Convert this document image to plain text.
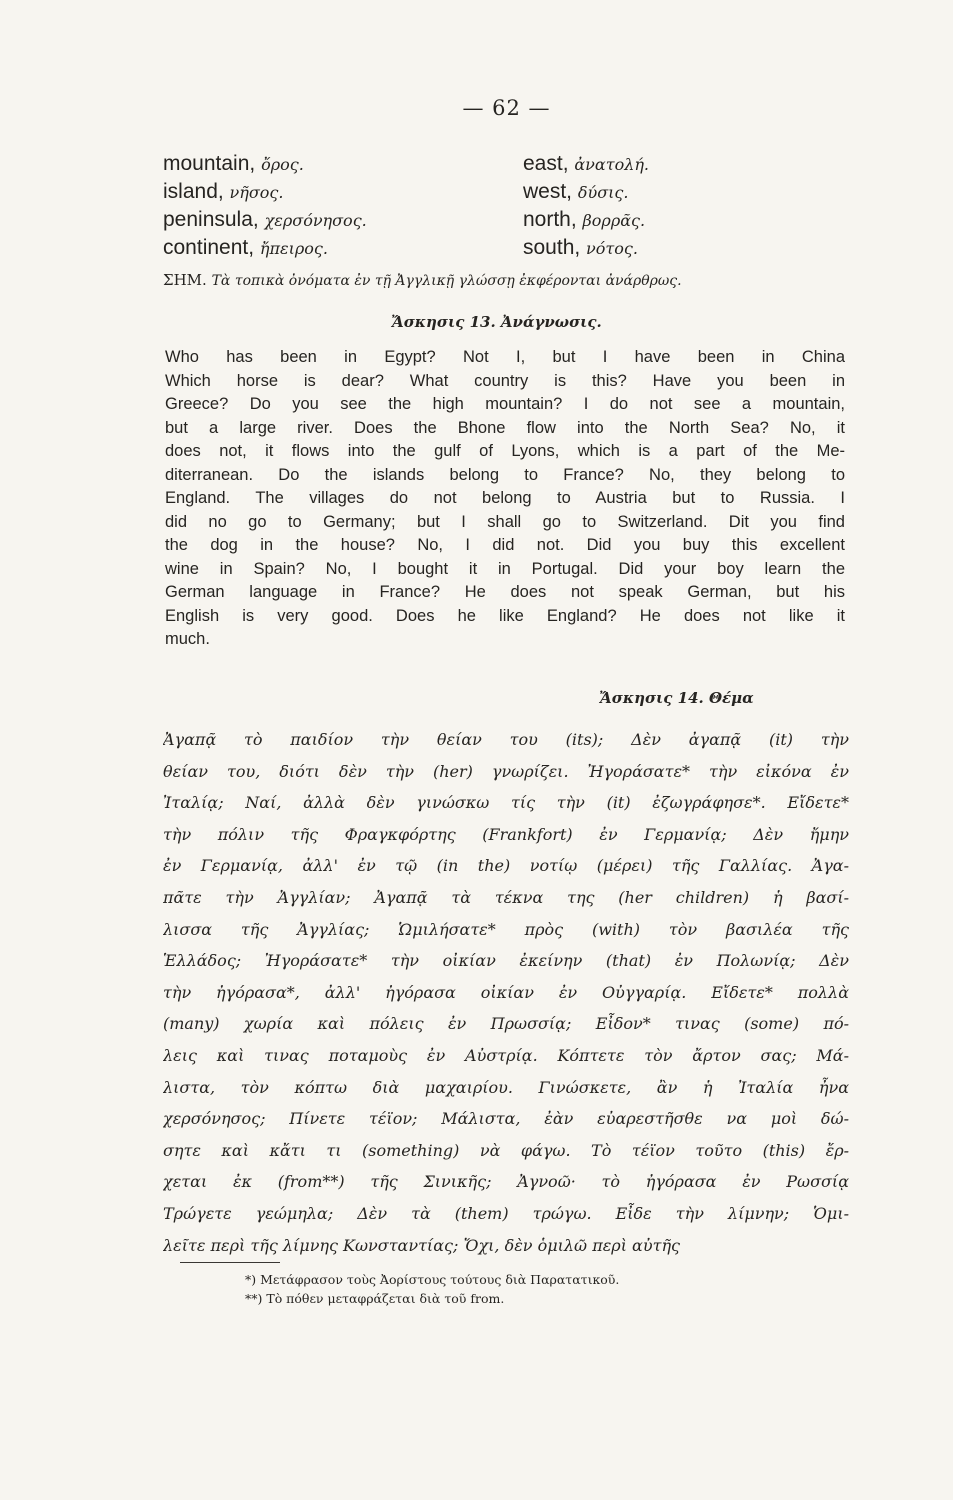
— 62 —
mountain, ὄρος.	east, ἀνατολή.
island, νῆσος.	west, δύσις.
peninsula, χερσόνησος.	north, βορρᾶς.
continent, ἤπειρος.	south, νότος.
ΣΗΜ. Τὰ τοπικὰ ὀνόματα ἐν τῇ Ἀγγλικῇ γλώσσῃ ἐκφέρονται ἀνάρθρως.
Ἄσκησις 13. Ἀνάγνωσις.
Who has been in Egypt? Not I, but I have been in China
Which horse is dear? What country is this? Have you been in
Greece? Do you see the high mountain? I do not see a mountain,
but a large river. Does the Bhone flow into the North Sea? No, it
does not, it flows into the gulf of Lyons, which is a part of the Me-
diterranean. Do the islands belong to France? No, they belong to
England. The villages do not belong to Austria but to Russia. I
did no go to Germany; but I shall go to Switzerland. Dit you find
the dog in the house? No, I did not. Did you buy this excellent
wine in Spain? No, I bought it in Portugal. Did your boy learn the
German language in France? He does not speak German, but his
English is very good. Does he like England? He does not like it
much.
Ἄσκησις 14. Θέμα
Ἀγαπᾷ τὸ παιδίον τὴν θείαν του (its); Δὲν ἀγαπᾷ (it) τὴν
θείαν του, διότι δὲν τὴν (her) γνωρίζει. Ἠγοράσατε* τὴν εἰκόνα ἐν
Ἰταλίᾳ; Ναί, ἀλλὰ δὲν γινώσκω τίς τὴν (it) ἐζωγράφησε*. Εἴδετε*
τὴν πόλιν τῆς Φραγκφόρτης (Frankfort) ἐν Γερμανίᾳ; Δὲν ἤμην
ἐν Γερμανίᾳ, ἀλλ' ἐν τῷ (in the) νοτίῳ (μέρει) τῆς Γαλλίας. Ἀγα-
πᾶτε τὴν Ἀγγλίαν; Ἀγαπᾷ τὰ τέκνα της (her children) ἡ βασί-
λισσα τῆς Ἀγγλίας; Ὡμιλήσατε* πρὸς (with) τὸν βασιλέα τῆς
Ἑλλάδος; Ἠγοράσατε* τὴν οἰκίαν ἐκείνην (that) ἐν Πολωνίᾳ; Δὲν
τὴν ἠγόρασα*, ἀλλ' ἠγόρασα οἰκίαν ἐν Οὐγγαρίᾳ. Εἴδετε* πολλὰ
(many) χωρία καὶ πόλεις ἐν Πρωσσίᾳ; Εἶδον* τινας (some) πό-
λεις καὶ τινας ποταμοὺς ἐν Αὐστρίᾳ. Κόπτετε τὸν ἄρτον σας; Μά-
λιστα, τὸν κόπτω διὰ μαχαιρίου. Γινώσκετε, ἂν ἡ Ἰταλία ἦνα
χερσόνησος; Πίνετε τέϊον; Μάλιστα, ἐὰν εὐαρεστῆσθε να μοὶ δώ-
σητε καὶ κἄτι τι (something) νὰ φάγω. Τὸ τέϊον τοῦτο (this) ἔρ-
χεται ἐκ (from**) τῆς Σινικῆς; Ἀγνοῶ· τὸ ἠγόρασα ἐν Ρωσσίᾳ
Τρώγετε γεώμηλα; Δὲν τὰ (them) τρώγω. Εἶδε τὴν λίμνην; Ὁμι-
λεῖτε περὶ τῆς λίμνης Κωνσταντίας; Ὄχι, δὲν ὁμιλῶ περὶ αὐτῆς
*) Μετάφρασον τοὺς Ἀορίστους τούτους διὰ Παρατατικοῦ.
**) Τὸ πόθεν μεταφράζεται διὰ τοῦ from.
